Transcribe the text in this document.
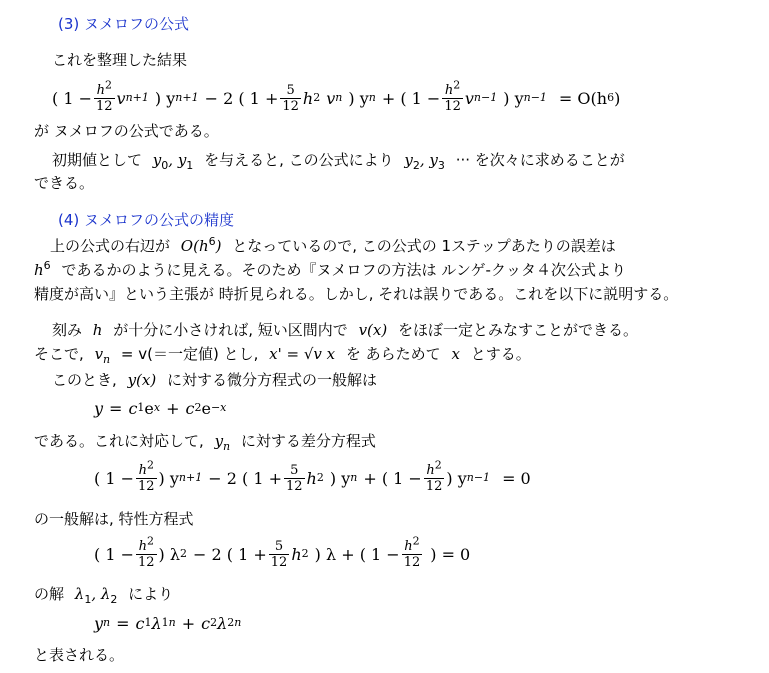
(3) ヌメロフの公式
これを整理した結果
( $1 - \frac{h^2}{12}$ v n+1 ) y n+1 − 2 ( $1 + \frac{5}{12}$ h 2 v n ) y n + ( $1 - \frac{h^2}{12}$ v n−1 ) y n−1 = O(h 6 )
が ヌメロフの公式である。
初期値として $y_0$, $y_1$ を与えると, この公式により $y_2$, $y_3$ ··· を次々に求めることが
できる。
(4) ヌメロフの公式の精度
上の公式の右辺が $O(h^6)$ となっているので, この公式の 1ステップあたりの誤差は
$h^6$ であるかのように見える。そのため『ヌメロフの方法は ルンゲ-クッタ４次公式より
精度が高い』という主張が 時折見られる。しかし, それは誤りである。これを以下に説明する。
刻み h が十分に小さければ, 短い区間内で v(x) をほぼ一定とみなすことができる。
そこで, $v_n = v(=$一定値) とし, x' = √v x を あらためて x とする。
このとき, y(x) に対する微分方程式の一般解は
y = c 1 e x + c 2 e −x
である。これに対応して, $y_n$ に対する差分方程式
( $1 - \frac{h^2}{12}$ ) y n+1 − 2 ( $1 + \frac{5}{12}$ h 2 ) y n + ( $1 - \frac{h^2}{12}$ ) y n−1 = 0
の一般解は, 特性方程式
( $1 - \frac{h^2}{12}$ ) λ 2 − 2 ( $1 + \frac{5}{12}$ h 2 ) λ + ( $1 - \frac{h^2}{12}$ ) = 0
の解 $\lambda_1$, $\lambda_2$ により
y n = c 1 λ 1 n + c 2 λ 2 n
と表される。
